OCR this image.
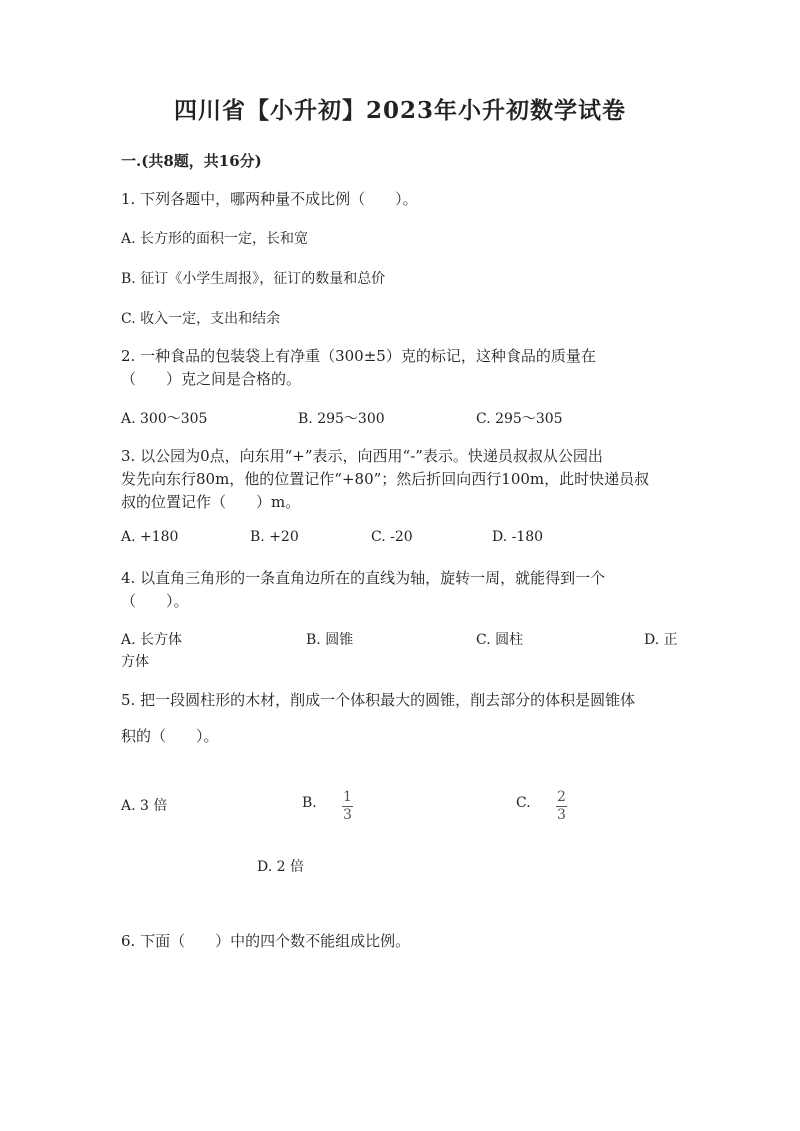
四川省【小升初】2023年小升初数学试卷
一.(共8题，共16分)
1. 下列各题中，哪两种量不成比例（　　）。
A. 长方形的面积一定，长和宽
B. 征订《小学生周报》，征订的数量和总价
C. 收入一定，支出和结余
2. 一种食品的包装袋上有净重（300±5）克的标记，这种食品的质量在
（　　）克之间是合格的。
A. 300～305	B. 295～300	C. 295～305
3. 以公园为0点，向东用“+”表示，向西用“-”表示。快递员叔叔从公园出
发先向东行80m，他的位置记作“+80”；然后折回向西行100m，此时快递员叔
叔的位置记作（　　）m。
A. +180	B. +20	C. -20	D. -180
4. 以直角三角形的一条直角边所在的直线为轴，旋转一周，就能得到一个
（　　）。
A. 长方体	B. 圆锥	C. 圆柱	D. 正
方体
5. 把一段圆柱形的木材，削成一个体积最大的圆锥，削去部分的体积是圆锥体
积的（　　）。
A. 3 倍	B. 1
3
C. 2
3
D. 2 倍
6. 下面（　　）中的四个数不能组成比例。
